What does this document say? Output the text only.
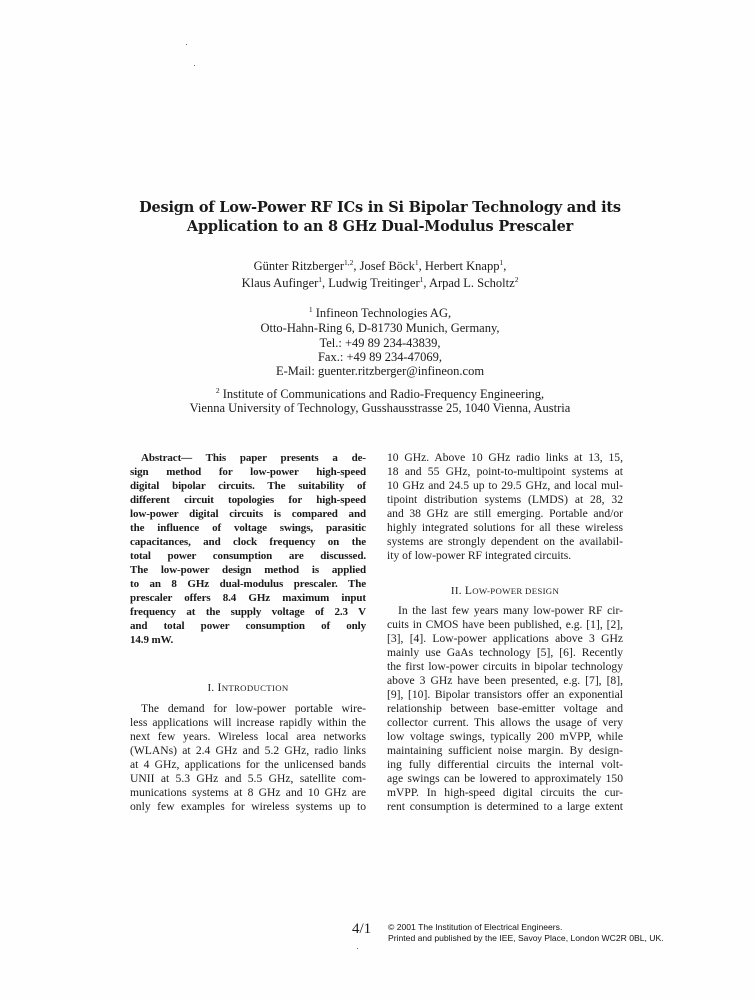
Design of Low-Power RF ICs in Si Bipolar Technology and its
Application to an 8 GHz Dual-Modulus Prescaler
Günter Ritzberger$^{1,2}$, Josef Böck$^1$, Herbert Knapp$^1$,
Klaus Aufinger$^1$, Ludwig Treitinger$^1$, Arpad L. Scholtz$^2$
$^1$ Infineon Technologies AG,
Otto-Hahn-Ring 6, D-81730 Munich, Germany,
Tel.: +49 89 234-43839,
Fax.: +49 89 234-47069,
E-Mail: guenter.ritzberger@infineon.com
$^2$ Institute of Communications and Radio-Frequency Engineering,
Vienna University of Technology, Gusshausstrasse 25, 1040 Vienna, Austria
Abstract— This paper presents a de-
sign method for low-power high-speed
digital bipolar circuits. The suitability of
different circuit topologies for high-speed
low-power digital circuits is compared and
the influence of voltage swings, parasitic
capacitances, and clock frequency on the
total power consumption are discussed.
The low-power design method is applied
to an 8 GHz dual-modulus prescaler. The
prescaler offers 8.4 GHz maximum input
frequency at the supply voltage of 2.3 V
and total power consumption of only
14.9 mW.
I. INTRODUCTION
The demand for low-power portable wire-
less applications will increase rapidly within the
next few years. Wireless local area networks
(WLANs) at 2.4 GHz and 5.2 GHz, radio links
at 4 GHz, applications for the unlicensed bands
UNII at 5.3 GHz and 5.5 GHz, satellite com-
munications systems at 8 GHz and 10 GHz are
only few examples for wireless systems up to
10 GHz. Above 10 GHz radio links at 13, 15,
18 and 55 GHz, point-to-multipoint systems at
10 GHz and 24.5 up to 29.5 GHz, and local mul-
tipoint distribution systems (LMDS) at 28, 32
and 38 GHz are still emerging. Portable and/or
highly integrated solutions for all these wireless
systems are strongly dependent on the availabil-
ity of low-power RF integrated circuits.
II. LOW-POWER DESIGN
In the last few years many low-power RF cir-
cuits in CMOS have been published, e.g. [1], [2],
[3], [4]. Low-power applications above 3 GHz
mainly use GaAs technology [5], [6]. Recently
the first low-power circuits in bipolar technology
above 3 GHz have been presented, e.g. [7], [8],
[9], [10]. Bipolar transistors offer an exponential
relationship between base-emitter voltage and
collector current. This allows the usage of very
low voltage swings, typically 200 mVPP, while
maintaining sufficient noise margin. By design-
ing fully differential circuits the internal volt-
age swings can be lowered to approximately 150
mVPP. In high-speed digital circuits the cur-
rent consumption is determined to a large extent
4/1 © 2001 The Institution of Electrical Engineers.
Printed and published by the IEE, Savoy Place, London WC2R 0BL, UK.
